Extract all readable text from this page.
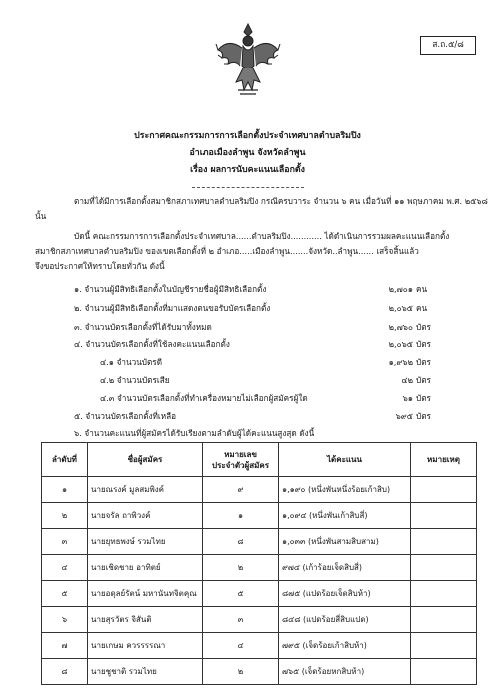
ส.ถ.๕/๘
ประกาศคณะกรรมการการเลือกตั้งประจำเทศบาลตำบลริมปิง
อำเภอเมืองลำพูน จังหวัดลำพูน
เรื่อง ผลการนับคะแนนเลือกตั้ง
ตามที่ได้มีการเลือกตั้งสมาชิกสภาเทศบาลตำบลริมปิง กรณีครบวาระ จำนวน ๖ คน เมื่อวันที่ ๑๑ พฤษภาคม พ.ศ. ๒๕๖๘
นั้น
บัดนี้ คณะกรรมการการเลือกตั้งประจำเทศบาล......ตำบลริมปิง............ ได้ดำเนินการรวมผลคะแนนเลือกตั้ง
สมาชิกสภาเทศบาลตำบลริมปิง ของเขตเลือกตั้งที่ ๒ อำเภอ.....เมืองลำพูน.......จังหวัด..ลำพูน...... เสร็จสิ้นแล้ว
จึงขอประกาศให้ทราบโดยทั่วกัน ดังนี้
๑. จำนวนผู้มีสิทธิเลือกตั้งในบัญชีรายชื่อผู้มีสิทธิเลือกตั้ง	๒,๗๐๑ คน
๒. จำนวนผู้มีสิทธิเลือกตั้งที่มาแสดงตนขอรับบัตรเลือกตั้ง	๒,๐๖๕ คน
๓. จำนวนบัตรเลือกตั้งที่ได้รับมาทั้งหมด	๒,๗๖๐ บัตร
๔. จำนวนบัตรเลือกตั้งที่ใช้ลงคะแนนเลือกตั้ง	๒,๐๖๕ บัตร
๔.๑ จำนวนบัตรดี	๑,๙๖๒ บัตร
๔.๒ จำนวนบัตรเสีย	๔๒ บัตร
๔.๓ จำนวนบัตรเลือกตั้งที่ทำเครื่องหมายไม่เลือกผู้สมัครผู้ใด	๖๑ บัตร
๕. จำนวนบัตรเลือกตั้งที่เหลือ	๖๙๕ บัตร
๖. จำนวนคะแนนที่ผู้สมัครได้รับเรียงตามลำดับผู้ได้คะแนนสูงสุด ดังนี้
ลำดับที่	ชื่อผู้สมัคร	หมายเลข
ประจำตัวผู้สมัคร	ได้คะแนน	หมายเหตุ
๑	นายณรงค์ มูลสมพิงค์	๙	๑,๑๙๐ (หนึ่งพันหนึ่งร้อยเก้าสิบ)	
๒	นายจรัล ถาพิวงค์	๑	๑,๐๙๔ (หนึ่งพันเก้าสิบสี่)	
๓	นายยุทธพงษ์ รวมไทย	๘	๑,๐๓๓ (หนึ่งพันสามสิบสาม)	
๔	นายเชิดชาย อาทิตย์	๒	๙๗๔ (เก้าร้อยเจ็ดสิบสี่)	
๕	นายอดุลย์รัตน์ มหานันทจิตคุณ	๕	๘๗๕ (แปดร้อยเจ็ดสิบห้า)	
๖	นายสุรวัตร จิสันติ	๓	๘๔๘ (แปดร้อยสี่สิบแปด)	
๗	นายเกษม ควรรรรณา	๔	๗๙๕ (เจ็ดร้อยเก้าสิบห้า)	
๘	นายชูชาติ รวมไทย	๒	๗๖๕ (เจ็ดร้อยหกสิบห้า)	
